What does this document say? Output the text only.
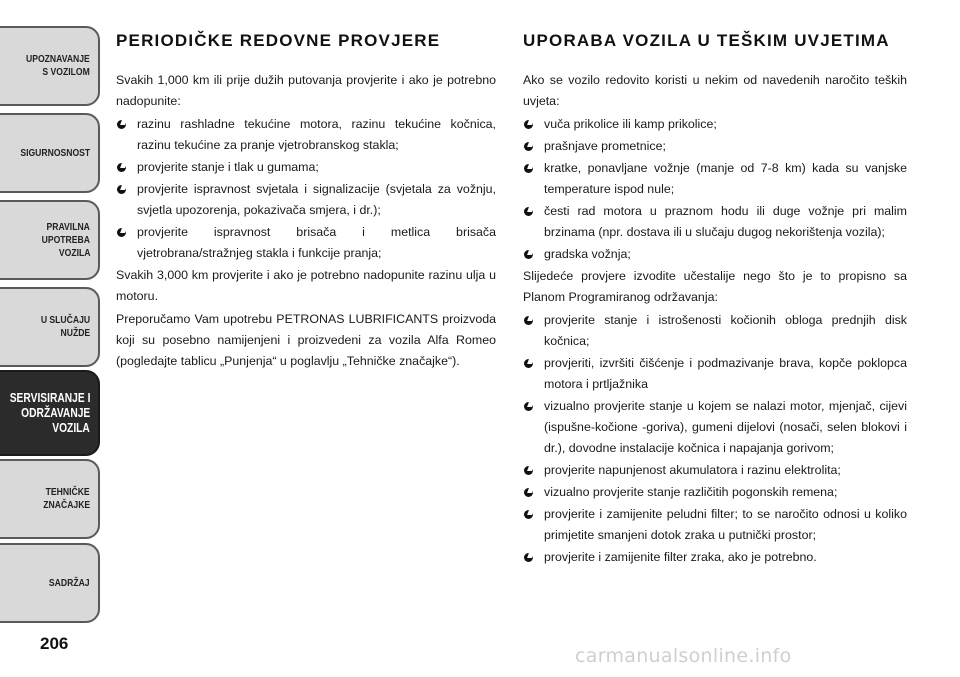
UPOZNAVANJE
S VOZILOM
SIGURNOSNOST
PRAVILNA
UPOTREBA
VOZILA
U SLUČAJU
NUŽDE
SERVISIRANJE I
ODRŽAVANJE
VOZILA
TEHNIČKE
ZNAČAJKE
SADRŽAJ
206
PERIODIČKE REDOVNE PROVJERE

Svakih 1,000 km ili prije dužih putovanja provjerite i ako je potrebno nadopunite:

razinu rashladne tekućine motora, razinu tekućine kočnica, razinu tekućine za pranje vjetrobranskog stakla;
provjerite stanje i tlak u gumama;
provjerite ispravnost svjetala i signalizacije (svjetala za vožnju, svjetla upozorenja, pokazivača smjera, i dr.);
provjerite ispravnost brisača i metlica brisača vjetrobrana/stražnjeg stakla i funkcije pranja;

Svakih 3,000 km provjerite i ako je potrebno nadopunite razinu ulja u motoru.

Preporučamo Vam upotrebu PETRONAS LUBRIFICANTS proizvoda koji su posebno namijenjeni i proizvedeni za vozila Alfa Romeo (pogledajte tablicu „Punjenja“ u poglavlju „Tehničke značajke“).

UPORABA VOZILA U TEŠKIM UVJETIMA

Ako se vozilo redovito koristi u nekim od navedenih naročito teških uvjeta:

vuča prikolice ili kamp prikolice;
prašnjave prometnice;
kratke, ponavljane vožnje (manje od 7-8 km) kada su vanjske temperature ispod nule;
česti rad motora u praznom hodu ili duge vožnje pri malim brzinama (npr. dostava ili u slučaju dugog nekorištenja vozila);
gradska vožnja;

Slijedeće provjere izvodite učestalije nego što je to propisno sa Planom Programiranog održavanja:

provjerite stanje i istrošenosti kočionih obloga prednjih disk kočnica;
provjeriti, izvršiti čišćenje i podmazivanje brava, kopče poklopca motora i prtljažnika
vizualno provjerite stanje u kojem se nalazi motor, mjenjač, cijevi (ispušne-kočione -goriva), gumeni dijelovi (nosači, selen blokovi i dr.), dovodne instalacije kočnica i napajanja gorivom;
provjerite napunjenost akumulatora i razinu elektrolita;
vizualno provjerite stanje različitih pogonskih remena;
provjerite i zamijenite peludni filter; to se naročito odnosi u koliko primjetite smanjeni dotok zraka u putnički prostor;
provjerite i zamijenite filter zraka, ako je potrebno.
carmanualsonline.info
